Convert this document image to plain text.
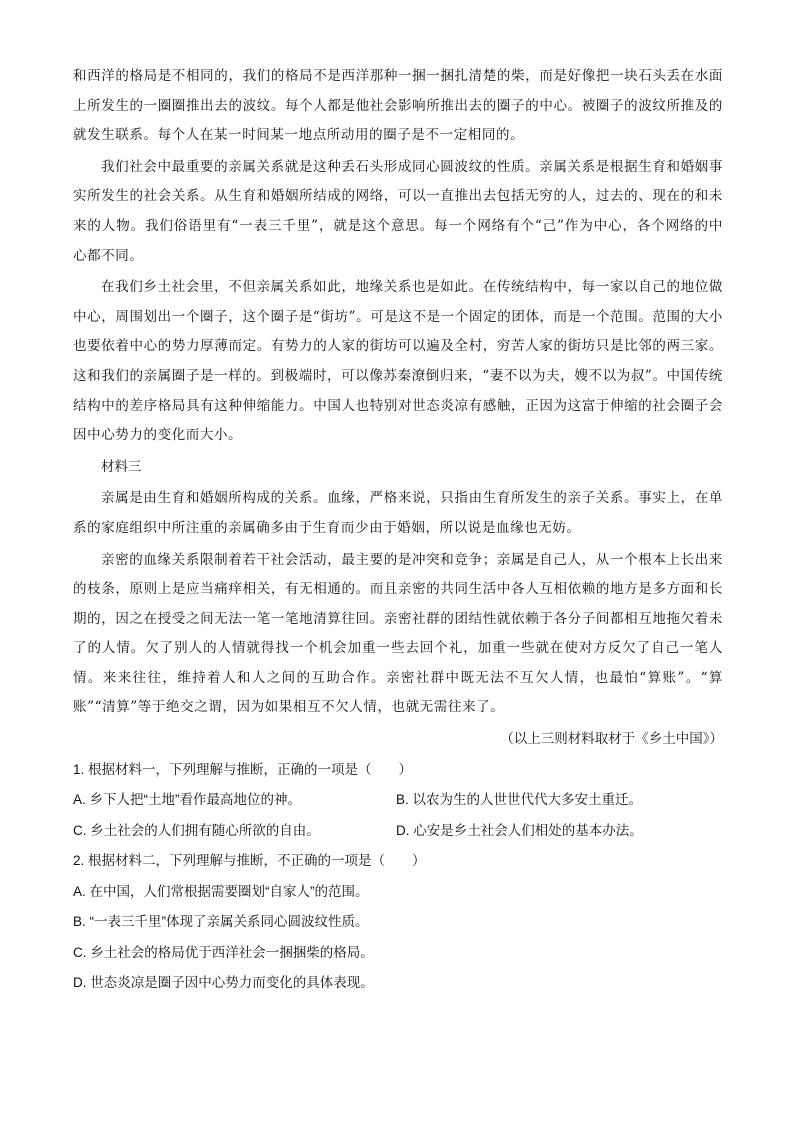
和西洋的格局是不相同的，我们的格局不是西洋那种一捆一捆扎清楚的柴，而是好像把一块石头丢在水面上所发生的一圈圈推出去的波纹。每个人都是他社会影响所推出去的圈子的中心。被圈子的波纹所推及的就发生联系。每个人在某一时间某一地点所动用的圈子是不一定相同的。

我们社会中最重要的亲属关系就是这种丢石头形成同心圆波纹的性质。亲属关系是根据生育和婚姻事实所发生的社会关系。从生育和婚姻所结成的网络，可以一直推出去包括无穷的人，过去的、现在的和未来的人物。我们俗语里有“一表三千里”，就是这个意思。每一个网络有个“己”作为中心，各个网络的中心都不同。

在我们乡土社会里，不但亲属关系如此，地缘关系也是如此。在传统结构中，每一家以自己的地位做中心，周围划出一个圈子，这个圈子是“街坊”。可是这不是一个固定的团体，而是一个范围。范围的大小也要依着中心的势力厚薄而定。有势力的人家的街坊可以遍及全村，穷苦人家的街坊只是比邻的两三家。这和我们的亲属圈子是一样的。到极端时，可以像苏秦潦倒归来，“妻不以为夫，嫂不以为叔”。中国传统结构中的差序格局具有这种伸缩能力。中国人也特别对世态炎凉有感触，正因为这富于伸缩的社会圈子会因中心势力的变化而大小。

材料三

亲属是由生育和婚姻所构成的关系。血缘，严格来说，只指由生育所发生的亲子关系。事实上，在单系的家庭组织中所注重的亲属确多由于生育而少由于婚姻，所以说是血缘也无妨。

亲密的血缘关系限制着若干社会活动，最主要的是冲突和竞争；亲属是自己人，从一个根本上长出来的枝条，原则上是应当痛痒相关，有无相通的。而且亲密的共同生活中各人互相依赖的地方是多方面和长期的，因之在授受之间无法一笔一笔地清算往回。亲密社群的团结性就依赖于各分子间都相互地拖欠着未了的人情。欠了别人的人情就得找一个机会加重一些去回个礼，加重一些就在使对方反欠了自己一笔人情。来来往往，维持着人和人之间的互助合作。亲密社群中既无法不互欠人情，也最怕“算账”。“算账”“清算”等于绝交之谓，因为如果相互不欠人情，也就无需往来了。

（以上三则材料取材于《乡土中国》）

1. 根据材料一，下列理解与推断，正确的一项是（　　）

A. 乡下人把“土地”看作最高地位的神。	B. 以农为生的人世世代代大多安土重迁。
C. 乡土社会的人们拥有随心所欲的自由。	D. 心安是乡土社会人们相处的基本办法。

2. 根据材料二，下列理解与推断，不正确的一项是（　　）

A. 在中国，人们常根据需要圈划“自家人”的范围。

B. “一表三千里”体现了亲属关系同心圆波纹性质。

C. 乡土社会的格局优于西洋社会一捆捆柴的格局。

D. 世态炎凉是圈子因中心势力而变化的具体表现。
